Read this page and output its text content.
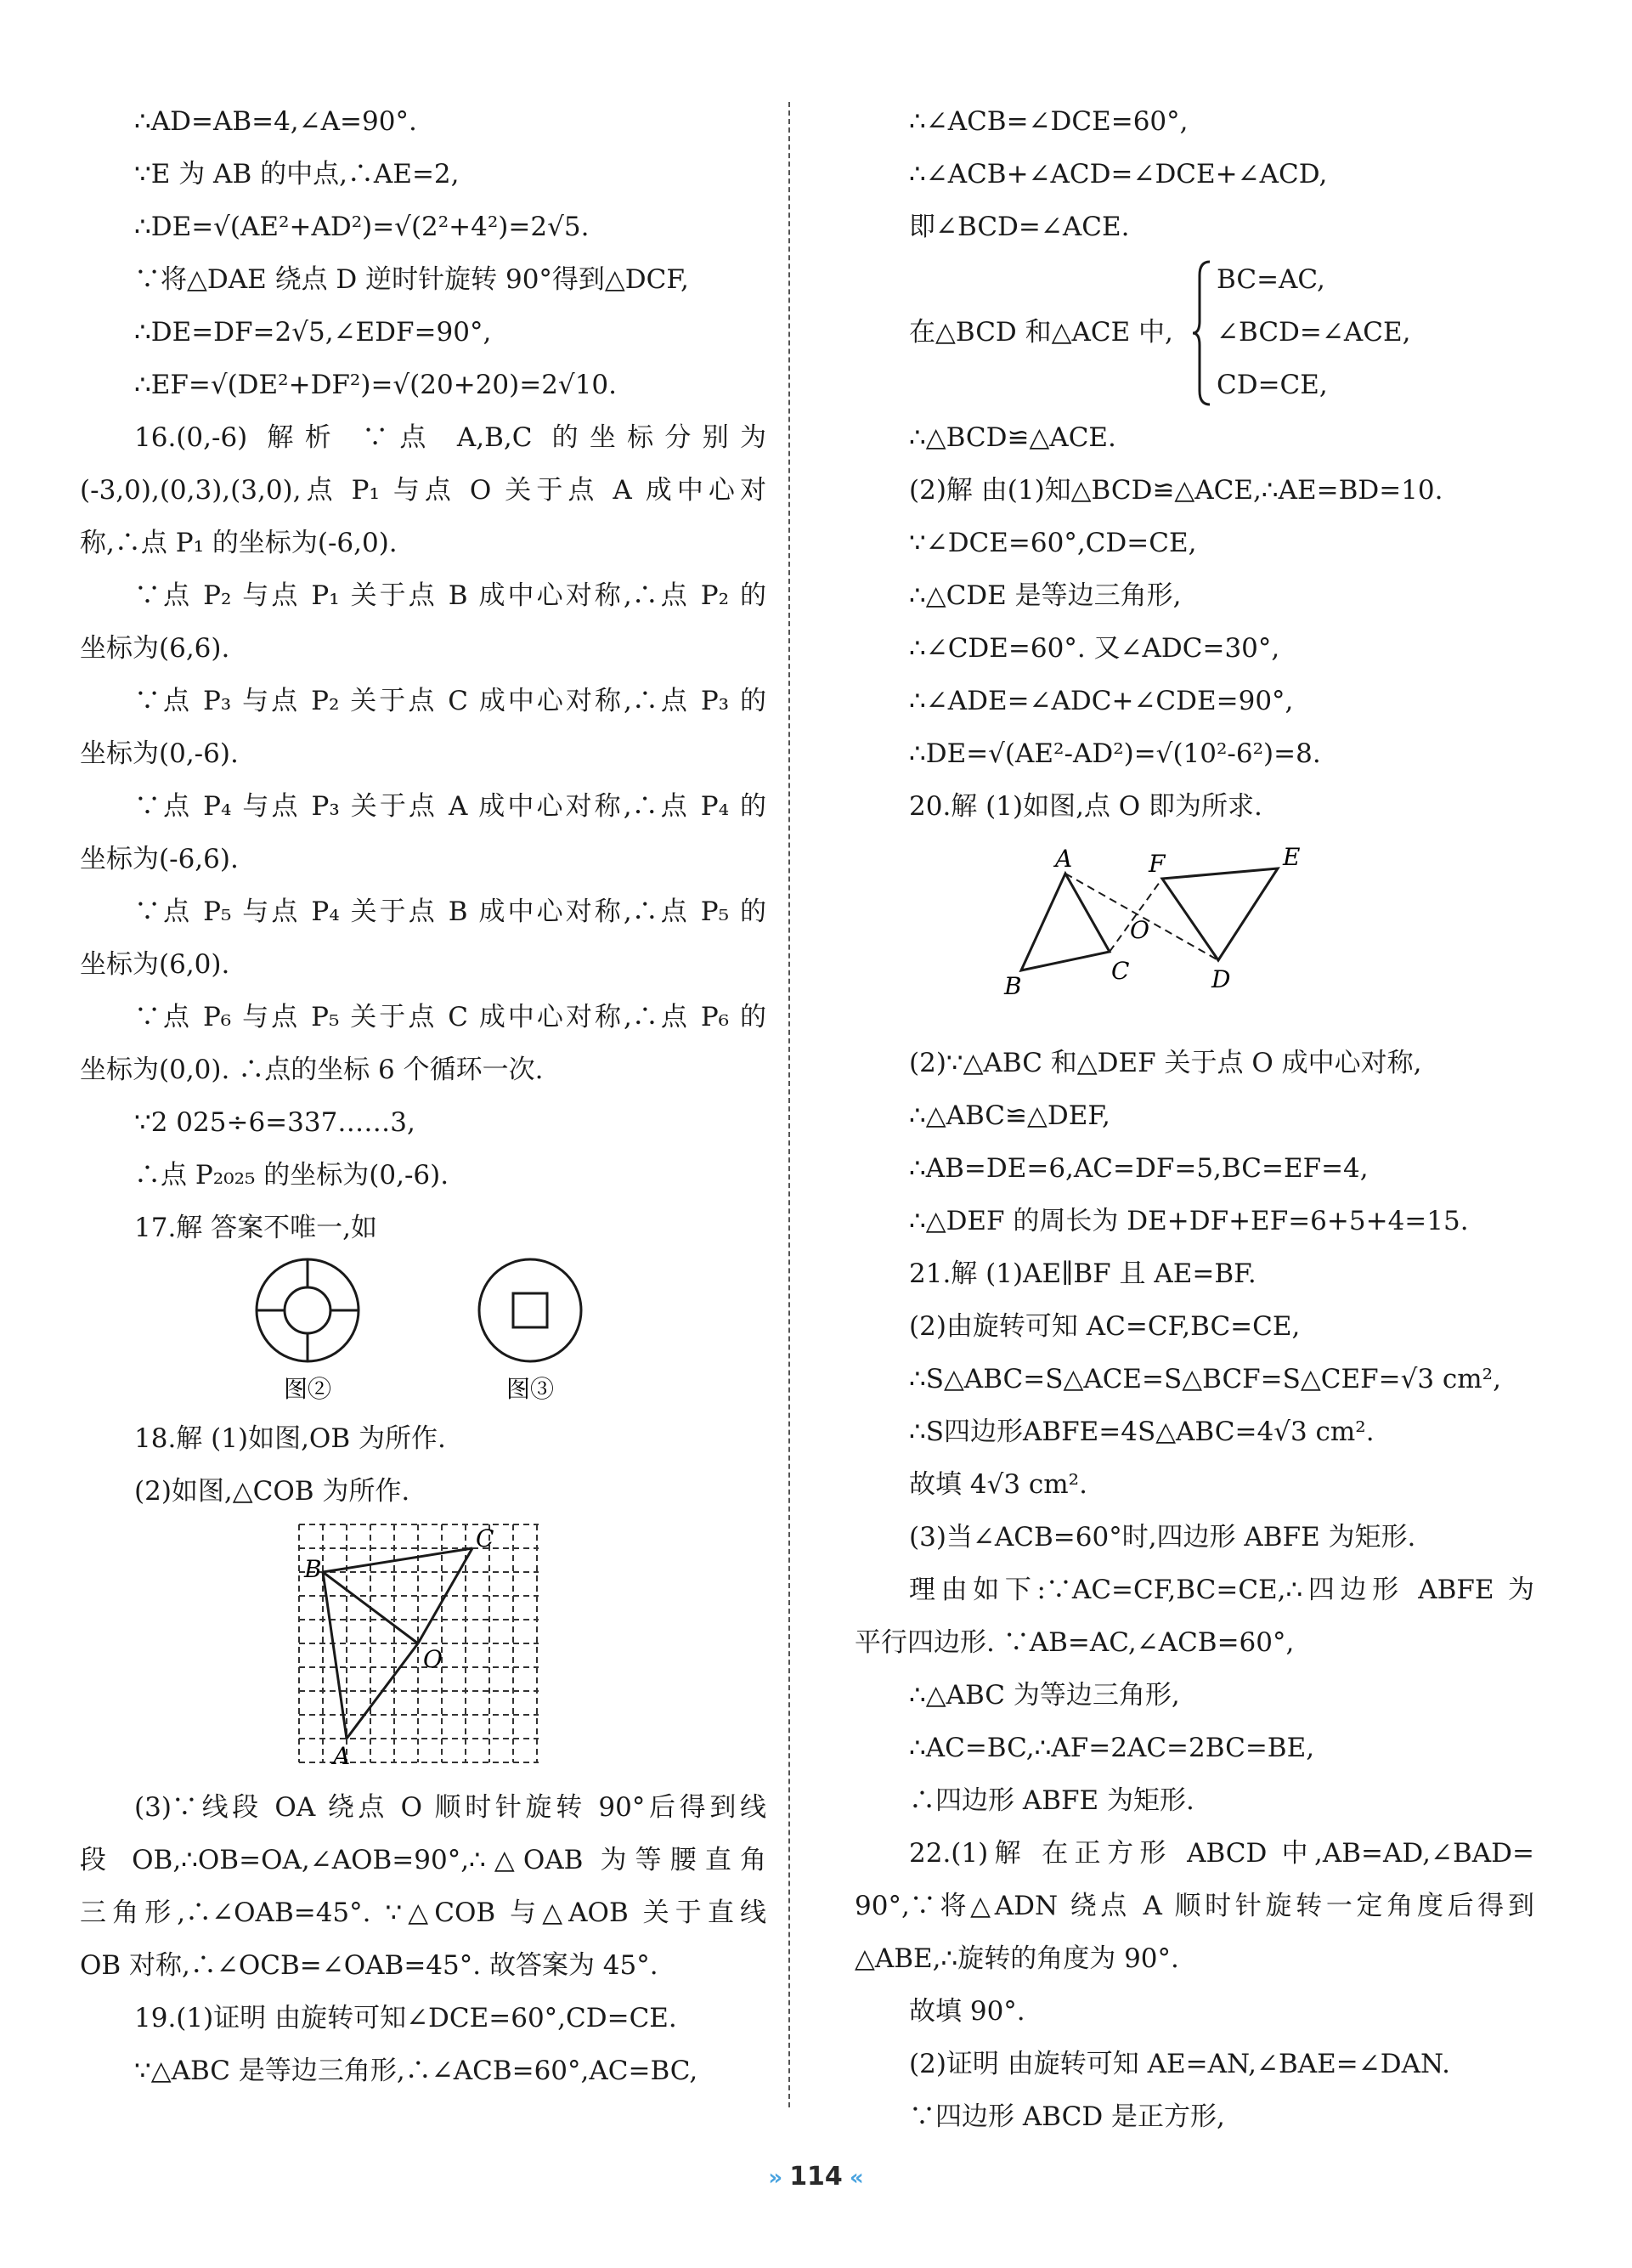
∴AD=AB=4,∠A=90°.
∵E 为 AB 的中点,∴AE=2,
∴DE=√(AE²+AD²)=√(2²+4²)=2√5.
∵将△DAE 绕点 D 逆时针旋转 90°得到△DCF,
∴DE=DF=2√5,∠EDF=90°,
∴EF=√(DE²+DF²)=√(20+20)=2√10.
16.(0,-6) 解析 ∵点 A,B,C 的坐标分别为
(-3,0),(0,3),(3,0),点 P₁ 与点 O 关于点 A 成中心对
称,∴点 P₁ 的坐标为(-6,0).
∵点 P₂ 与点 P₁ 关于点 B 成中心对称,∴点 P₂ 的
坐标为(6,6).
∵点 P₃ 与点 P₂ 关于点 C 成中心对称,∴点 P₃ 的
坐标为(0,-6).
∵点 P₄ 与点 P₃ 关于点 A 成中心对称,∴点 P₄ 的
坐标为(-6,6).
∵点 P₅ 与点 P₄ 关于点 B 成中心对称,∴点 P₅ 的
坐标为(6,0).
∵点 P₆ 与点 P₅ 关于点 C 成中心对称,∴点 P₆ 的
坐标为(0,0). ∴点的坐标 6 个循环一次.
∵2 025÷6=337……3,
∴点 P₂₀₂₅ 的坐标为(0,-6).
17.解 答案不唯一,如
图②	图③
18.解 (1)如图,OB 为所作.
(2)如图,△COB 为所作.
B
C
O
A
(3)∵线段 OA 绕点 O 顺时针旋转 90°后得到线
段 OB,∴OB=OA,∠AOB=90°,∴△OAB 为等腰直角
三角形,∴∠OAB=45°. ∵△COB 与△AOB 关于直线
OB 对称,∴∠OCB=∠OAB=45°. 故答案为 45°.
19.(1)证明 由旋转可知∠DCE=60°,CD=CE.
∵△ABC 是等边三角形,∴∠ACB=60°,AC=BC,
∴∠ACB=∠DCE=60°,
∴∠ACB+∠ACD=∠DCE+∠ACD,
即∠BCD=∠ACE.
在△BCD 和△ACE 中,
BC=AC,
∠BCD=∠ACE,
CD=CE,
∴△BCD≌△ACE.
(2)解 由(1)知△BCD≌△ACE,∴AE=BD=10.
∵∠DCE=60°,CD=CE,
∴△CDE 是等边三角形,
∴∠CDE=60°. 又∠ADC=30°,
∴∠ADE=∠ADC+∠CDE=90°,
∴DE=√(AE²-AD²)=√(10²-6²)=8.
20.解 (1)如图,点 O 即为所求.
A	F	E
O
B
C	D
(2)∵△ABC 和△DEF 关于点 O 成中心对称,
∴△ABC≌△DEF,
∴AB=DE=6,AC=DF=5,BC=EF=4,
∴△DEF 的周长为 DE+DF+EF=6+5+4=15.
21.解 (1)AE∥BF 且 AE=BF.
(2)由旋转可知 AC=CF,BC=CE,
∴S△ABC=S△ACE=S△BCF=S△CEF=√3 cm²,
∴S四边形ABFE=4S△ABC=4√3 cm².
故填 4√3 cm².
(3)当∠ACB=60°时,四边形 ABFE 为矩形.
理由如下:∵AC=CF,BC=CE,∴四边形 ABFE 为
平行四边形. ∵AB=AC,∠ACB=60°,
∴△ABC 为等边三角形,
∴AC=BC,∴AF=2AC=2BC=BE,
∴四边形 ABFE 为矩形.
22.(1)解 在正方形 ABCD 中,AB=AD,∠BAD=
90°,∵将△ADN 绕点 A 顺时针旋转一定角度后得到
△ABE,∴旋转的角度为 90°.
故填 90°.
(2)证明 由旋转可知 AE=AN,∠BAE=∠DAN.
∵四边形 ABCD 是正方形,
» 114 «
